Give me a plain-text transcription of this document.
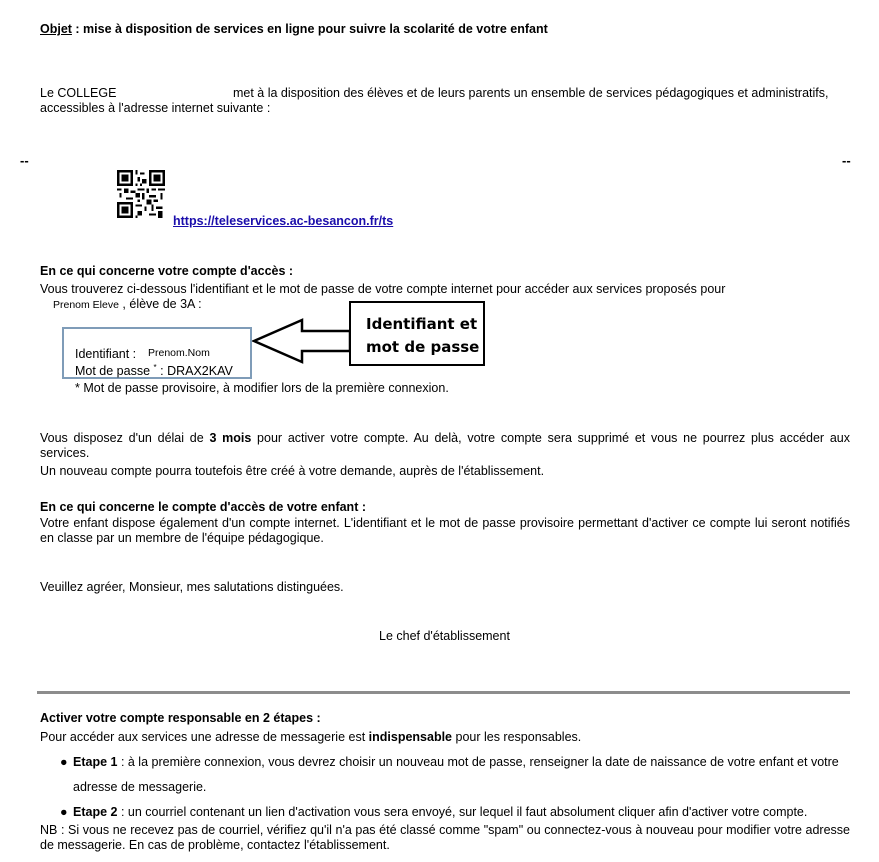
Objet : mise à disposition de services en ligne pour suivre la scolarité de votre enfant
Le COLLEGE	met à la disposition des élèves et de leurs parents un ensemble de services pédagogiques et administratifs,
accessibles à l'adresse internet suivante :
--	--
https://teleservices.ac-besancon.fr/ts
En ce qui concerne votre compte d'accès :
Vous trouverez ci-dessous l'identifiant et le mot de passe de votre compte internet pour accéder aux services proposés pour
Prenom Eleve , élève de 3A :
Identifiant : Prenom.Nom
Mot de passe * : DRAX2KAV
* Mot de passe provisoire, à modifier lors de la première connexion.
Identifiant et
mot de passe
Vous disposez d'un délai de 3 mois pour activer votre compte. Au delà, votre compte sera supprimé et vous ne pourrez plus accéder aux services.
Un nouveau compte pourra toutefois être créé à votre demande, auprès de l'établissement.
En ce qui concerne le compte d'accès de votre enfant :
Votre enfant dispose également d'un compte internet. L'identifiant et le mot de passe provisoire permettant d'activer ce compte lui seront notifiés en classe par un membre de l'équipe pédagogique.
Veuillez agréer, Monsieur, mes salutations distinguées.
Le chef d'établissement
Activer votre compte responsable en 2 étapes :
Pour accéder aux services une adresse de messagerie est indispensable pour les responsables.
● Etape 1 : à la première connexion, vous devrez choisir un nouveau mot de passe, renseigner la date de naissance de votre enfant et votre adresse de messagerie.
● Etape 2 : un courriel contenant un lien d'activation vous sera envoyé, sur lequel il faut absolument cliquer afin d'activer votre compte.
NB : Si vous ne recevez pas de courriel, vérifiez qu'il n'a pas été classé comme "spam" ou connectez-vous à nouveau pour modifier votre adresse de messagerie. En cas de problème, contactez l'établissement.
